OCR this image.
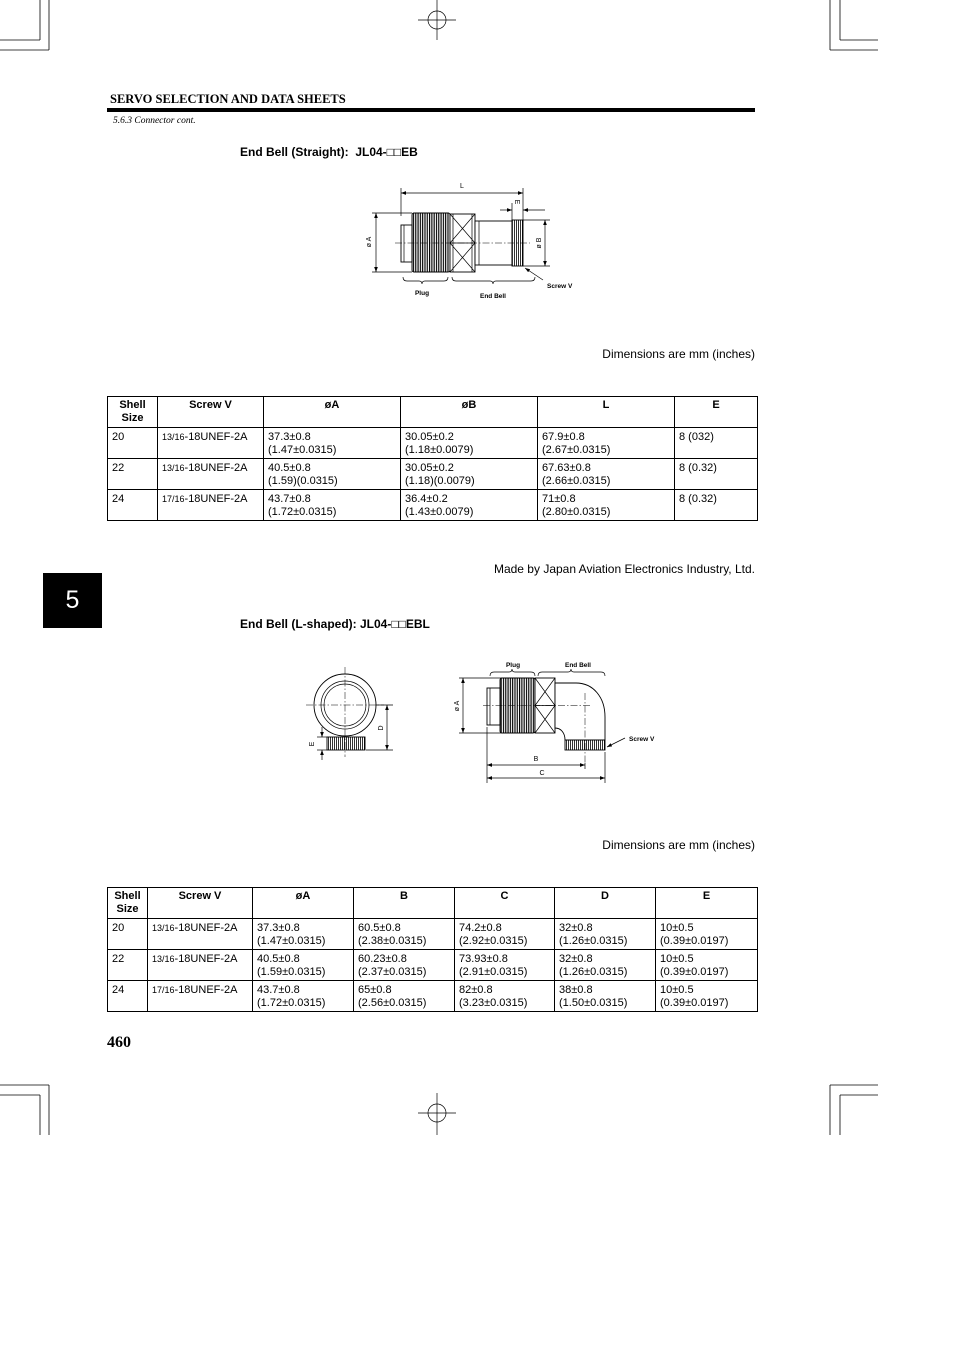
SERVO SELECTION AND DATA SHEETS
5.6.3 Connector cont.
End Bell (Straight):  JL04-□□EB
L
E
ø A	ø B
Screw V
Plug	End Bell
Dimensions are mm (inches)
Shell
Size	Screw V	øA	øB	L	E

20	13/16-18UNEF-2A	37.3±0.8
(1.47±0.0315)	30.05±0.2
(1.18±0.0079)	67.9±0.8
(2.67±0.0315)	8 (032)

22	13/16-18UNEF-2A	40.5±0.8
(1.59)(0.0315)	30.05±0.2
(1.18)(0.0079)	67.63±0.8
(2.66±0.0315)	8 (0.32)

24	17/16-18UNEF-2A	43.7±0.8
(1.72±0.0315)	36.4±0.2
(1.43±0.0079)	71±0.8
(2.80±0.0315)	8 (0.32)
Made by Japan Aviation Electronics Industry, Ltd.
5
End Bell (L-shaped): JL04-□□EBL
D
E
Plug	End Bell
ø A
Screw V
B
C
Dimensions are mm (inches)
Shell
Size	Screw V	øA	B	C	D	E

20	13/16-18UNEF-2A	37.3±0.8
(1.47±0.0315)	60.5±0.8
(2.38±0.0315)	74.2±0.8
(2.92±0.0315)	32±0.8
(1.26±0.0315)	10±0.5
(0.39±0.0197)

22	13/16-18UNEF-2A	40.5±0.8
(1.59±0.0315)	60.23±0.8
(2.37±0.0315)	73.93±0.8
(2.91±0.0315)	32±0.8
(1.26±0.0315)	10±0.5
(0.39±0.0197)

24	17/16-18UNEF-2A	43.7±0.8
(1.72±0.0315)	65±0.8
(2.56±0.0315)	82±0.8
(3.23±0.0315)	38±0.8
(1.50±0.0315)	10±0.5
(0.39±0.0197)
460
